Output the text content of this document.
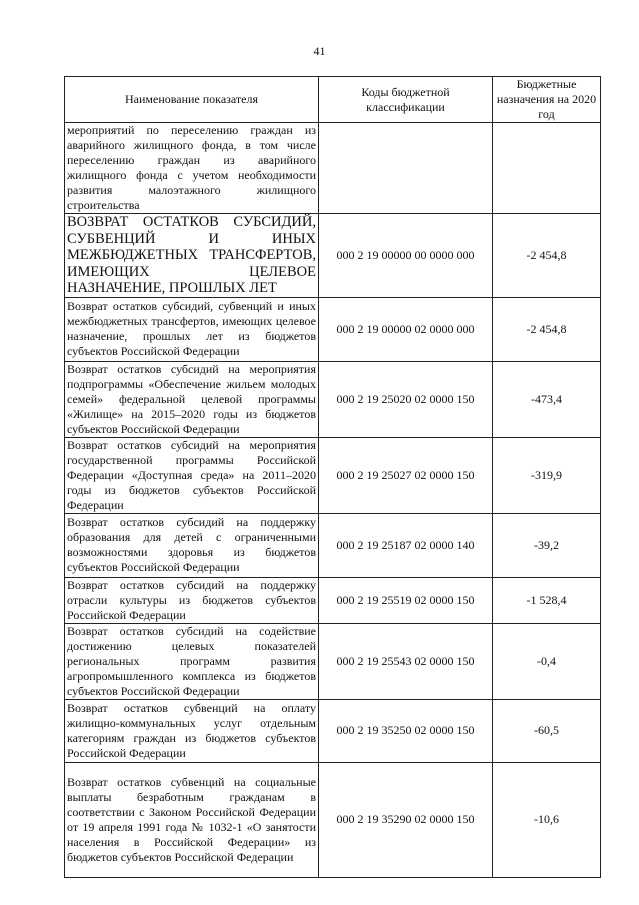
41
Наименование показателя	Коды бюджетной классификации	Бюджетные назначения на 2020 год
мероприятий по переселению граждан из аварийного жилищного фонда, в том числе переселению граждан из аварийного жилищного фонда с учетом необходимости развития малоэтажного жилищного строительства		
ВОЗВРАТ ОСТАТКОВ СУБСИДИЙ, СУБВЕНЦИЙ И ИНЫХ МЕЖБЮДЖЕТНЫХ ТРАНСФЕРТОВ, ИМЕЮЩИХ ЦЕЛЕВОЕ НАЗНАЧЕНИЕ, ПРОШЛЫХ ЛЕТ	000 2 19 00000 00 0000 000	-2 454,8
Возврат остатков субсидий, субвенций и иных межбюджетных трансфертов, имеющих целевое назначение, прошлых лет из бюджетов субъектов Российской Федерации	000 2 19 00000 02 0000 000	-2 454,8
Возврат остатков субсидий на мероприятия подпрограммы «Обеспечение жильем молодых семей» федеральной целевой программы «Жилище» на 2015–2020 годы из бюджетов субъектов Российской Федерации	000 2 19 25020 02 0000 150	-473,4
Возврат остатков субсидий на мероприятия государственной программы Российской Федерации «Доступная среда» на 2011–2020 годы из бюджетов субъектов Российской Федерации	000 2 19 25027 02 0000 150	-319,9
Возврат остатков субсидий на поддержку образования для детей с ограниченными возможностями здоровья из бюджетов субъектов Российской Федерации	000 2 19 25187 02 0000 140	-39,2
Возврат остатков субсидий на поддержку отрасли культуры из бюджетов субъектов Российской Федерации	000 2 19 25519 02 0000 150	-1 528,4
Возврат остатков субсидий на содействие достижению целевых показателей региональных программ развития агропромышленного комплекса из бюджетов субъектов Российской Федерации	000 2 19 25543 02 0000 150	-0,4
Возврат остатков субвенций на оплату жилищно-коммунальных услуг отдельным категориям граждан из бюджетов субъектов Российской Федерации	000 2 19 35250 02 0000 150	-60,5
Возврат остатков субвенций на социальные выплаты безработным гражданам в соответствии с Законом Российской Федерации от 19 апреля 1991 года № 1032-1 «О занятости населения в Российской Федерации» из бюджетов субъектов Российской Федерации	000 2 19 35290 02 0000 150	-10,6
